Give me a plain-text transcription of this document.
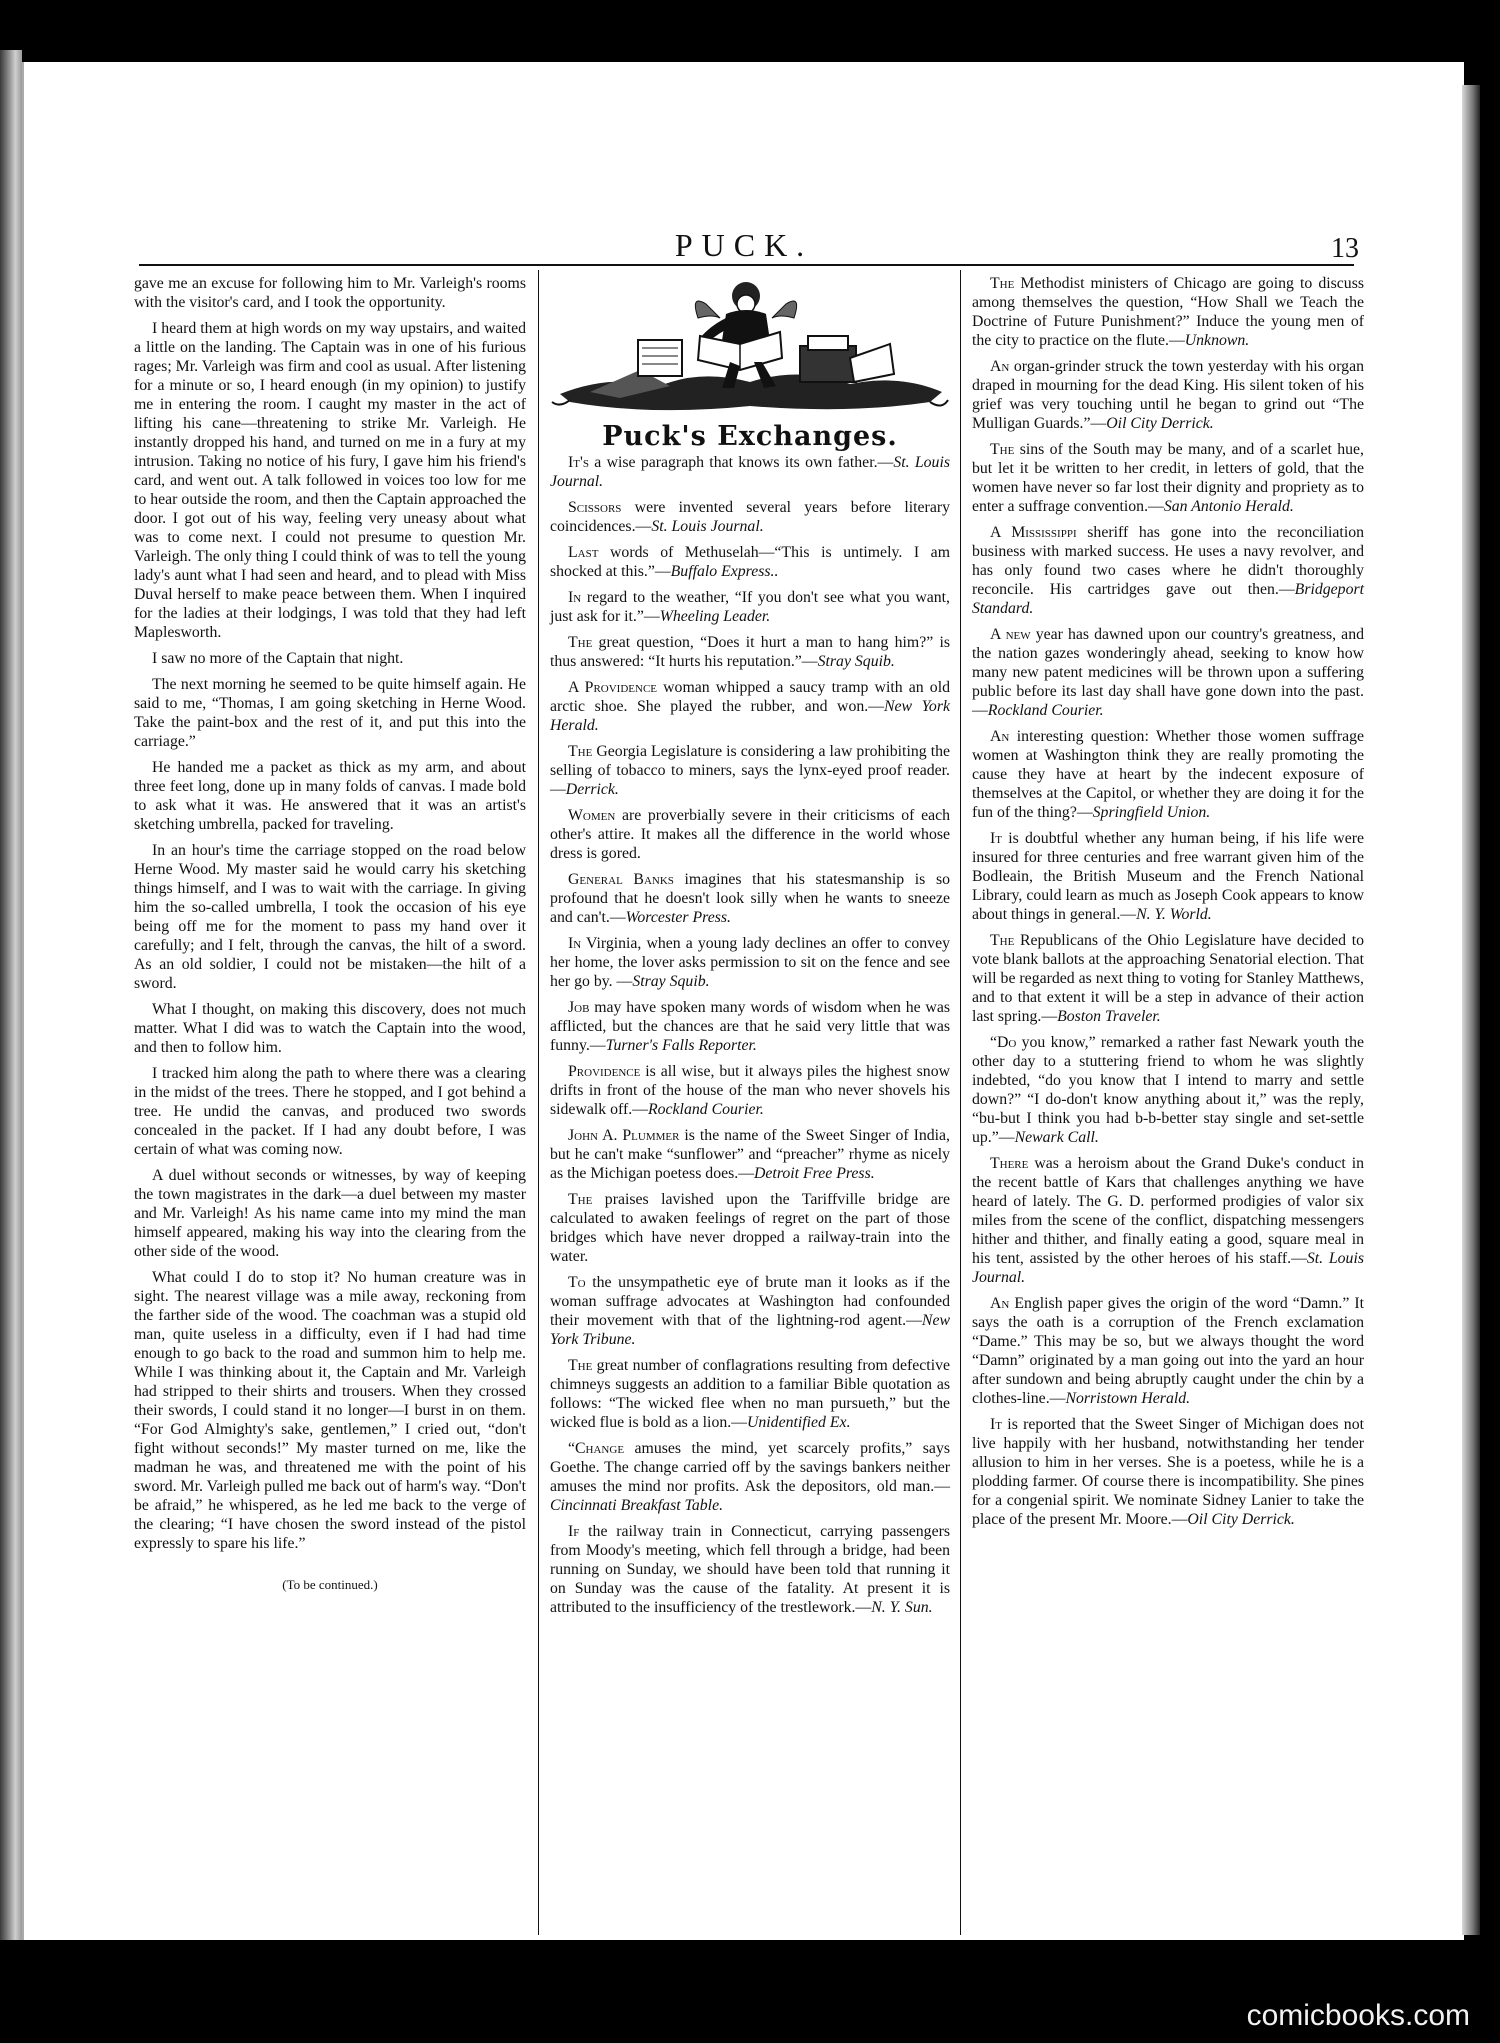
PUCK.	13

gave me an excuse for following him to Mr. Varleigh's rooms with the visitor's card, and I took the opportunity.

I heard them at high words on my way upstairs, and waited a little on the landing. The Captain was in one of his furious rages; Mr. Varleigh was firm and cool as usual. After listening for a minute or so, I heard enough (in my opinion) to justify me in entering the room. I caught my master in the act of lifting his cane—threatening to strike Mr. Varleigh. He instantly dropped his hand, and turned on me in a fury at my intrusion. Taking no notice of his fury, I gave him his friend's card, and went out. A talk followed in voices too low for me to hear outside the room, and then the Captain approached the door. I got out of his way, feeling very uneasy about what was to come next. I could not presume to question Mr. Varleigh. The only thing I could think of was to tell the young lady's aunt what I had seen and heard, and to plead with Miss Duval herself to make peace between them. When I inquired for the ladies at their lodgings, I was told that they had left Maplesworth.

I saw no more of the Captain that night.

The next morning he seemed to be quite himself again. He said to me, “Thomas, I am going sketching in Herne Wood. Take the paint-box and the rest of it, and put this into the carriage.”

He handed me a packet as thick as my arm, and about three feet long, done up in many folds of canvas. I made bold to ask what it was. He answered that it was an artist's sketching umbrella, packed for traveling.

In an hour's time the carriage stopped on the road below Herne Wood. My master said he would carry his sketching things himself, and I was to wait with the carriage. In giving him the so-called umbrella, I took the occasion of his eye being off me for the moment to pass my hand over it carefully; and I felt, through the canvas, the hilt of a sword. As an old soldier, I could not be mistaken—the hilt of a sword.

What I thought, on making this discovery, does not much matter. What I did was to watch the Captain into the wood, and then to follow him.

I tracked him along the path to where there was a clearing in the midst of the trees. There he stopped, and I got behind a tree. He undid the canvas, and produced two swords concealed in the packet. If I had any doubt before, I was certain of what was coming now.

A duel without seconds or witnesses, by way of keeping the town magistrates in the dark—a duel between my master and Mr. Varleigh! As his name came into my mind the man himself appeared, making his way into the clearing from the other side of the wood.

What could I do to stop it? No human creature was in sight. The nearest village was a mile away, reckoning from the farther side of the wood. The coachman was a stupid old man, quite useless in a difficulty, even if I had had time enough to go back to the road and summon him to help me. While I was thinking about it, the Captain and Mr. Varleigh had stripped to their shirts and trousers. When they crossed their swords, I could stand it no longer—I burst in on them. “For God Almighty's sake, gentlemen,” I cried out, “don't fight without seconds!” My master turned on me, like the madman he was, and threatened me with the point of his sword. Mr. Varleigh pulled me back out of harm's way. “Don't be afraid,” he whispered, as he led me back to the verge of the clearing; “I have chosen the sword instead of the pistol expressly to spare his life.”

(To be continued.)

Puck's Exchanges.

It's a wise paragraph that knows its own father.—St. Louis Journal.

Scissors were invented several years before literary coincidences.—St. Louis Journal.

Last words of Methuselah—“This is untimely. I am shocked at this.”—Buffalo Express..

In regard to the weather, “If you don't see what you want, just ask for it.”—Wheeling Leader.

The great question, “Does it hurt a man to hang him?” is thus answered: “It hurts his reputation.”—Stray Squib.

A Providence woman whipped a saucy tramp with an old arctic shoe. She played the rubber, and won.—New York Herald.

The Georgia Legislature is considering a law prohibiting the selling of tobacco to miners, says the lynx-eyed proof reader.—Derrick.

Women are proverbially severe in their criticisms of each other's attire. It makes all the difference in the world whose dress is gored.

General Banks imagines that his statesmanship is so profound that he doesn't look silly when he wants to sneeze and can't.—Worcester Press.

In Virginia, when a young lady declines an offer to convey her home, the lover asks permission to sit on the fence and see her go by. —Stray Squib.

Job may have spoken many words of wisdom when he was afflicted, but the chances are that he said very little that was funny.—Turner's Falls Reporter.

Providence is all wise, but it always piles the highest snow drifts in front of the house of the man who never shovels his sidewalk off.—Rockland Courier.

John A. Plummer is the name of the Sweet Singer of India, but he can't make “sunflower” and “preacher” rhyme as nicely as the Michigan poetess does.—Detroit Free Press.

The praises lavished upon the Tariffville bridge are calculated to awaken feelings of regret on the part of those bridges which have never dropped a railway-train into the water.

To the unsympathetic eye of brute man it looks as if the woman suffrage advocates at Washington had confounded their movement with that of the lightning-rod agent.—New York Tribune.

The great number of conflagrations resulting from defective chimneys suggests an addition to a familiar Bible quotation as follows: “The wicked flee when no man pursueth,” but the wicked flue is bold as a lion.—Unidentified Ex.

“Change amuses the mind, yet scarcely profits,” says Goethe. The change carried off by the savings bankers neither amuses the mind nor profits. Ask the depositors, old man.—Cincinnati Breakfast Table.

If the railway train in Connecticut, carrying passengers from Moody's meeting, which fell through a bridge, had been running on Sunday, we should have been told that running it on Sunday was the cause of the fatality. At present it is attributed to the insufficiency of the trestlework.—N. Y. Sun.

The Methodist ministers of Chicago are going to discuss among themselves the question, “How Shall we Teach the Doctrine of Future Punishment?” Induce the young men of the city to practice on the flute.—Unknown.

An organ-grinder struck the town yesterday with his organ draped in mourning for the dead King. His silent token of his grief was very touching until he began to grind out “The Mulligan Guards.”—Oil City Derrick.

The sins of the South may be many, and of a scarlet hue, but let it be written to her credit, in letters of gold, that the women have never so far lost their dignity and propriety as to enter a suffrage convention.—San Antonio Herald.

A Mississippi sheriff has gone into the reconciliation business with marked success. He uses a navy revolver, and has only found two cases where he didn't thoroughly reconcile. His cartridges gave out then.—Bridgeport Standard.

A new year has dawned upon our country's greatness, and the nation gazes wonderingly ahead, seeking to know how many new patent medicines will be thrown upon a suffering public before its last day shall have gone down into the past.—Rockland Courier.

An interesting question: Whether those women suffrage women at Washington think they are really promoting the cause they have at heart by the indecent exposure of themselves at the Capitol, or whether they are doing it for the fun of the thing?—Springfield Union.

It is doubtful whether any human being, if his life were insured for three centuries and free warrant given him of the Bodleain, the British Museum and the French National Library, could learn as much as Joseph Cook appears to know about things in general.—N. Y. World.

The Republicans of the Ohio Legislature have decided to vote blank ballots at the approaching Senatorial election. That will be regarded as next thing to voting for Stanley Matthews, and to that extent it will be a step in advance of their action last spring.—Boston Traveler.

“Do you know,” remarked a rather fast Newark youth the other day to a stuttering friend to whom he was slightly indebted, “do you know that I intend to marry and settle down?” “I do-don't know anything about it,” was the reply, “bu-but I think you had b-b-better stay single and set-settle up.”—Newark Call.

There was a heroism about the Grand Duke's conduct in the recent battle of Kars that challenges anything we have heard of lately. The G. D. performed prodigies of valor six miles from the scene of the conflict, dispatching messengers hither and thither, and finally eating a good, square meal in his tent, assisted by the other heroes of his staff.—St. Louis Journal.

An English paper gives the origin of the word “Damn.” It says the oath is a corruption of the French exclamation “Dame.” This may be so, but we always thought the word “Damn” originated by a man going out into the yard an hour after sundown and being abruptly caught under the chin by a clothes-line.—Norristown Herald.

It is reported that the Sweet Singer of Michigan does not live happily with her husband, notwithstanding her tender allusion to him in her verses. She is a poetess, while he is a plodding farmer. Of course there is incompatibility. She pines for a congenial spirit. We nominate Sidney Lanier to take the place of the present Mr. Moore.—Oil City Derrick.

comicbooks.com
